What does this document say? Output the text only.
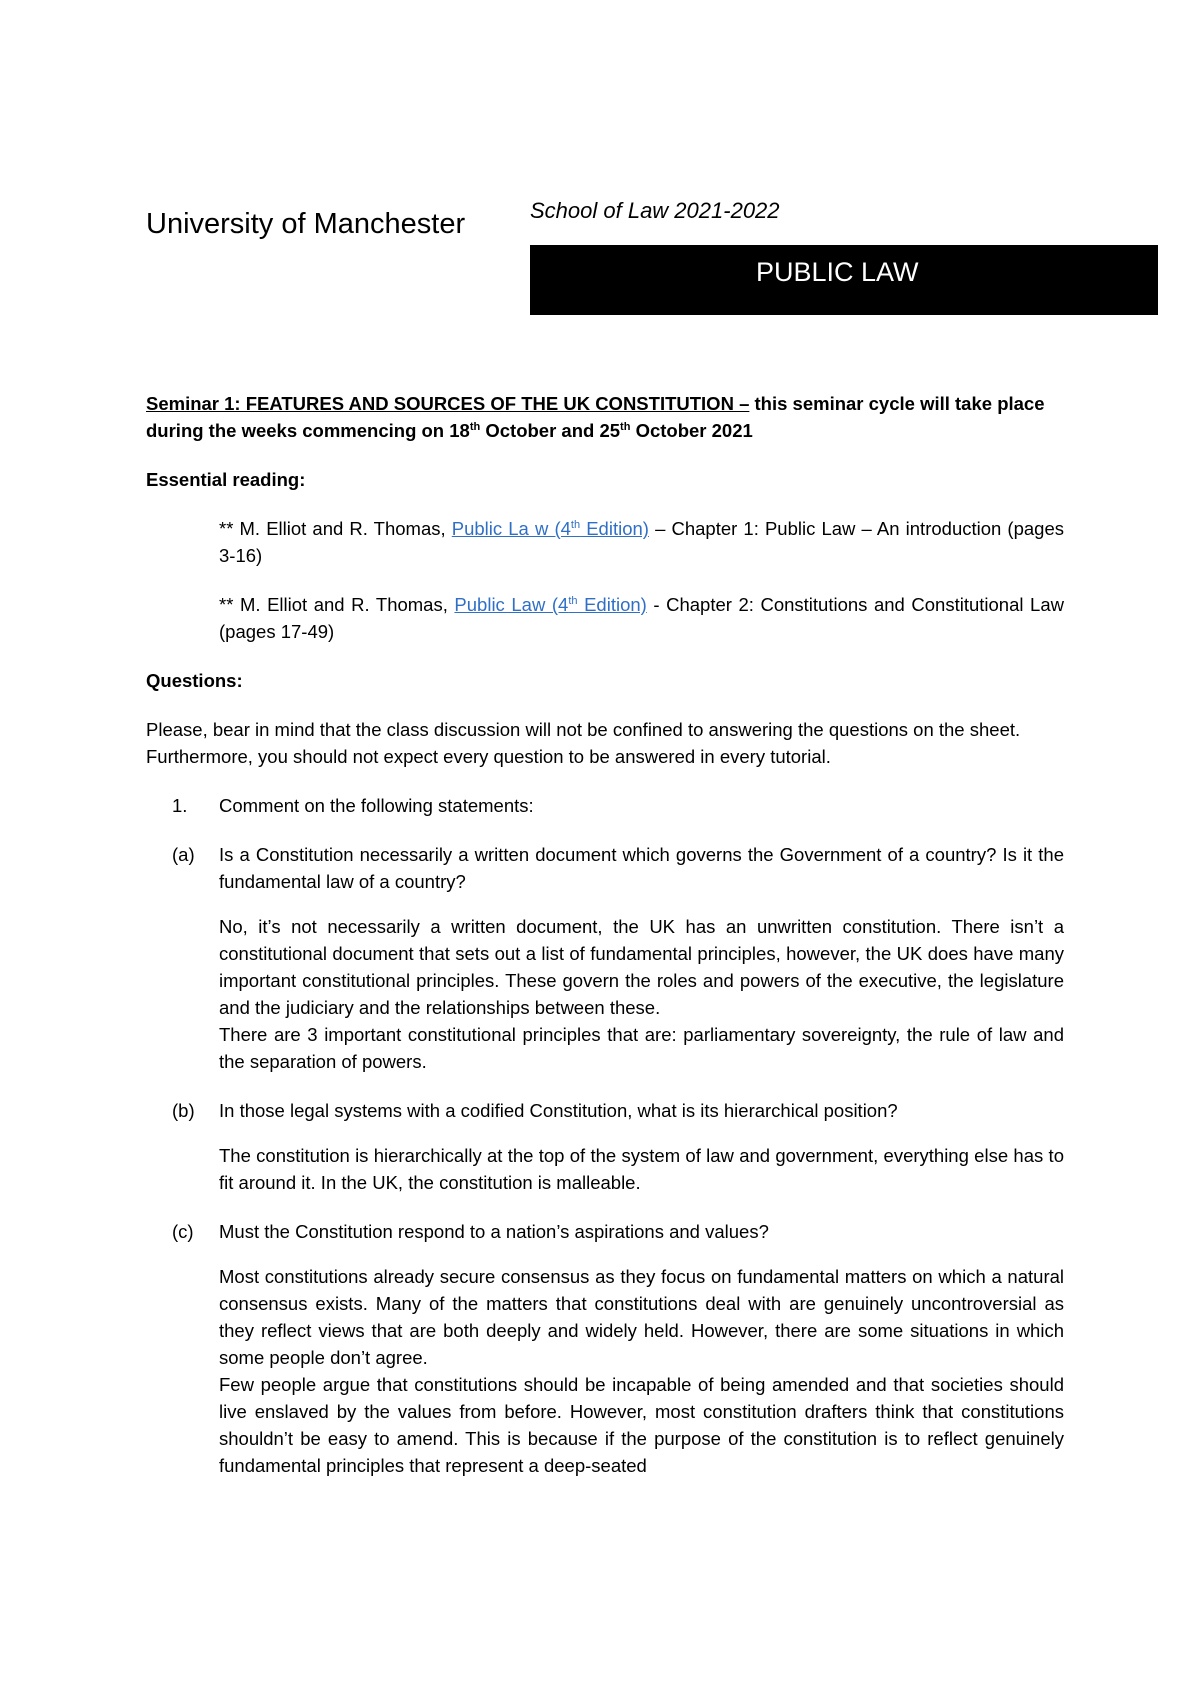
University of Manchester	School of Law 2021-2022
PUBLIC LAW

Seminar 1: FEATURES AND SOURCES OF THE UK CONSTITUTION – this seminar cycle will take place during the weeks commencing on 18th October and 25th October 2021

Essential reading:

** M. Elliot and R. Thomas, Public La w (4th Edition) – Chapter 1: Public Law – An introduction (pages 3-16)

** M. Elliot and R. Thomas, Public Law (4th Edition) - Chapter 2: Constitutions and Constitutional Law (pages 17-49)

Questions:

Please, bear in mind that the class discussion will not be confined to answering the questions on the sheet. Furthermore, you should not expect every question to be answered in every tutorial.

1.	Comment on the following statements:
(a)	Is a Constitution necessarily a written document which governs the Government of a country? Is it the fundamental law of a country?

No, it’s not necessarily a written document, the UK has an unwritten constitution. There isn’t a constitutional document that sets out a list of fundamental principles, however, the UK does have many important constitutional principles. These govern the roles and powers of the executive, the legislature and the judiciary and the relationships between these.

There are 3 important constitutional principles that are: parliamentary sovereignty, the rule of law and the separation of powers.

(b)	In those legal systems with a codified Constitution, what is its hierarchical position?

The constitution is hierarchically at the top of the system of law and government, everything else has to fit around it. In the UK, the constitution is malleable.

(c)	Must the Constitution respond to a nation’s aspirations and values?

Most constitutions already secure consensus as they focus on fundamental matters on which a natural consensus exists. Many of the matters that constitutions deal with are genuinely uncontroversial as they reflect views that are both deeply and widely held. However, there are some situations in which some people don’t agree.

Few people argue that constitutions should be incapable of being amended and that societies should live enslaved by the values from before. However, most constitution drafters think that constitutions shouldn’t be easy to amend. This is because if the purpose of the constitution is to reflect genuinely fundamental principles that represent a deep-seated
